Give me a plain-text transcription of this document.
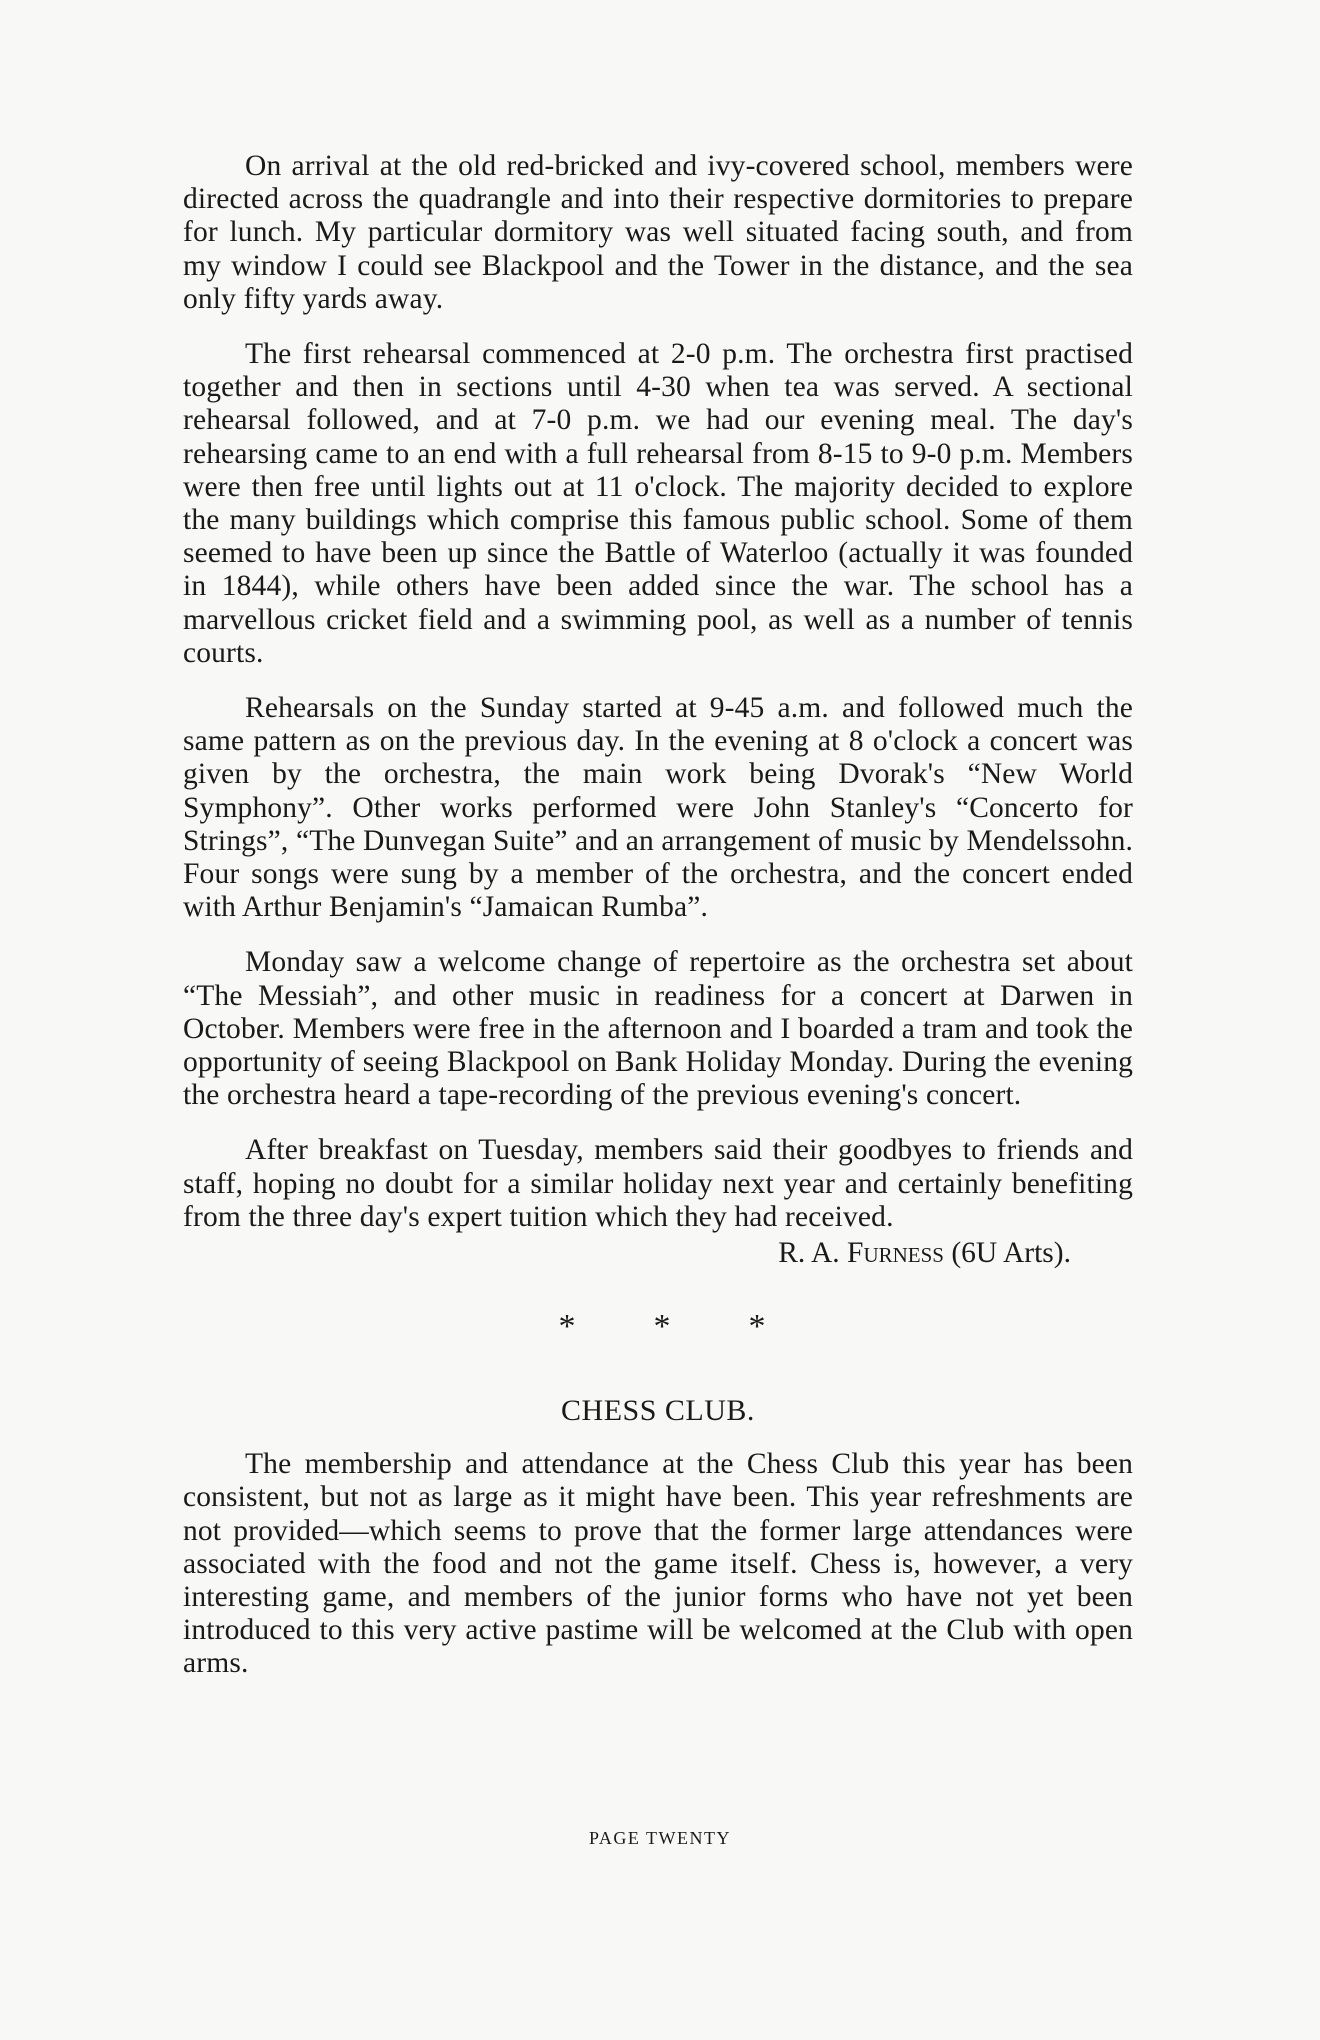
On arrival at the old red-bricked and ivy-covered school, members were directed across the quadrangle and into their respective dormitories to prepare for lunch. My particular dormitory was well situated facing south, and from my window I could see Blackpool and the Tower in the distance, and the sea only fifty yards away.

The first rehearsal commenced at 2-0 p.m. The orchestra first practised together and then in sections until 4-30 when tea was served. A sectional rehearsal followed, and at 7-0 p.m. we had our evening meal. The day's rehearsing came to an end with a full rehearsal from 8-15 to 9-0 p.m. Members were then free until lights out at 11 o'clock. The majority decided to explore the many buildings which comprise this famous public school. Some of them seemed to have been up since the Battle of Waterloo (actually it was founded in 1844), while others have been added since the war. The school has a marvellous cricket field and a swimming pool, as well as a number of tennis courts.

Rehearsals on the Sunday started at 9-45 a.m. and followed much the same pattern as on the previous day. In the evening at 8 o'clock a concert was given by the orchestra, the main work being Dvorak's “New World Symphony”. Other works performed were John Stanley's “Concerto for Strings”, “The Dunvegan Suite” and an arrangement of music by Mendelssohn. Four songs were sung by a member of the orchestra, and the concert ended with Arthur Benjamin's “Jamaican Rumba”.

Monday saw a welcome change of repertoire as the orchestra set about “The Messiah”, and other music in readiness for a concert at Darwen in October. Members were free in the afternoon and I boarded a tram and took the opportunity of seeing Blackpool on Bank Holiday Monday. During the evening the orchestra heard a tape-recording of the previous evening's concert.

After breakfast on Tuesday, members said their goodbyes to friends and staff, hoping no doubt for a similar holiday next year and certainly benefiting from the three day's expert tuition which they had received.

R. A. Furness (6U Arts).
* * *
CHESS CLUB.

The membership and attendance at the Chess Club this year has been consistent, but not as large as it might have been. This year refreshments are not provided—which seems to prove that the former large attendances were associated with the food and not the game itself. Chess is, however, a very interesting game, and members of the junior forms who have not yet been introduced to this very active pastime will be welcomed at the Club with open arms.

PAGE TWENTY
